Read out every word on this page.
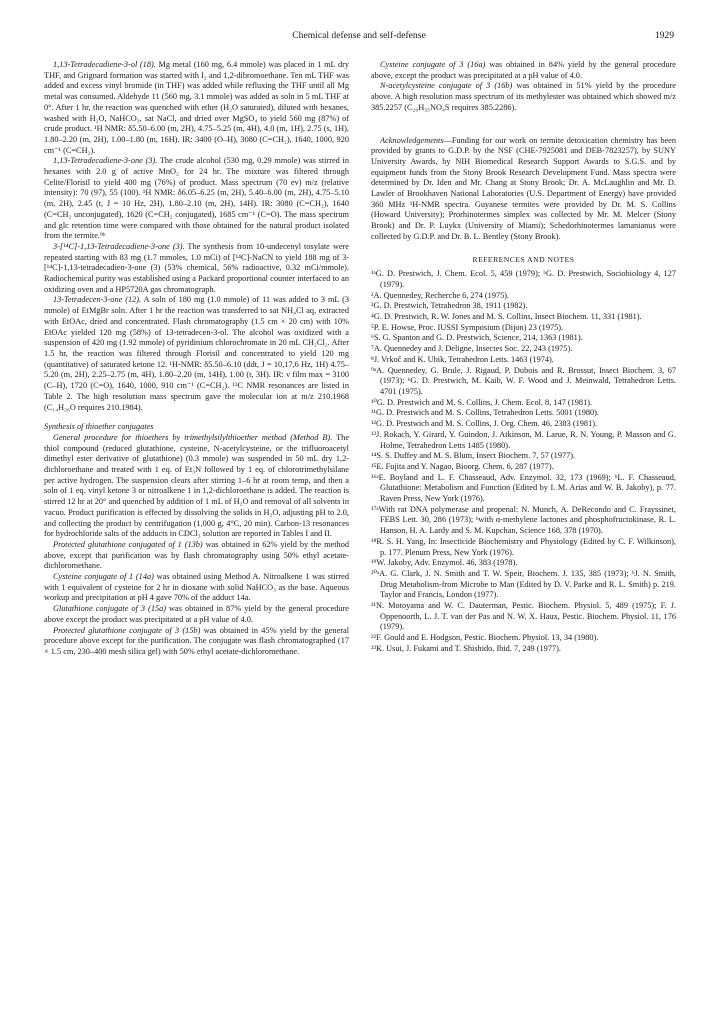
Chemical defense and self-defense	1929

1,13-Tetradecadiene-3-ol (18). Mg metal (160 mg, 6.4 mmole) was placed in 1 mL dry THF, and Grignard formation was started with I₂ and 1,2-dibromoethane. Ten mL THF was added and excess vinyl bromide (in THF) was added while refluxing the THF until all Mg metal was consumed. Aldehyde 11 (560 mg, 3.1 mmole) was added as soln in 5 mL THF at 0°. After 1 hr, the reaction was quenched with ether (H₂O saturated), diluted with hexanes, washed with H₂O, NaHCO₃, sat NaCl, and dried over MgSO₄ to yield 560 mg (87%) of crude product. ¹H NMR: δ5.50–6.00 (m, 2H), 4.75–5.25 (m, 4H), 4.0 (m, 1H), 2.75 (s, 1H), 1.80–2.20 (m, 2H), 1.00–1.80 (m, 16H). IR: 3400 (O–H), 3080 (C=CH₂), 1640, 1000, 920 cm⁻¹ (C=CH₂).

1,13-Tetradecadiene-3-one (3). The crude alcohol (530 mg, 0.29 mmole) was stirred in hexanes with 2.0 g of active MnO₂ for 24 hr. The mixture was filtered through Celite/Florisil to yield 400 mg (76%) of product. Mass spectrum (70 ev) m/z (relative intensity): 70 (97), 55 (100). ¹H NMR: δ6.05–6.25 (m, 2H), 5.40–6.00 (m, 2H), 4.75–5.10 (m, 2H), 2.45 (t, J = 10 Hz, 2H), 1.80–2.10 (m, 2H), 14H). IR: 3080 (C=CH₂), 1640 (C=CH₂ unconjugated), 1620 (C=CH₂ conjugated), 1685 cm⁻¹ (C=O). The mass spectrum and glc retention time were compared with those obtained for the natural product isolated from the termite.⁹ᵇ

3-[¹⁴C]-1,13-Tetradecadiene-3-one (3). The synthesis from 10-undecenyl tosylate were repeated starting with 83 mg (1.7 mmoles, 1.0 mCi) of [¹⁴C]-NaCN to yield 188 mg of 3-[¹⁴C]-1,13-tetradecadien-3-one (3) (53% chemical, 56% radioactive, 0.32 mCi/mmole). Radiochemical purity was established using a Packard proportional counter interfaced to an oxidizing oven and a HP5720A gas chromatograph.

13-Tetradecen-3-one (12). A soln of 180 mg (1.0 mmole) of 11 was added to 3 mL (3 mmole) of EtMgBr soln. After 1 hr the reaction was transferred to sat NH₄Cl aq, extracted with EtOAc, dried and concentrated. Flash chromatography (1.5 cm × 20 cm) with 10% EtOAc yielded 120 mg (58%) of 13-tetradecen-3-ol. The alcohol was oxidized with a suspension of 420 mg (1.92 mmole) of pyridinium chlorochromate in 20 mL CH₂Cl₂. After 1.5 hr, the reaction was filtered through Florisil and concentrated to yield 120 mg (quantitative) of saturated ketone 12. ¹H-NMR: δ5.50–6.10 (ddt, J = 10,17,6 Hz, 1H) 4.75–5.20 (m, 2H), 2.25–2.75 (m, 4H), 1.80–2.20 (m, 14H), 1.00 (t, 3H). IR: ν film max = 3100 (C–H), 1720 (C=O), 1640, 1000, 910 cm⁻¹ (C=CH₂). ¹³C NMR resonances are listed in Table 2. The high resolution mass spectrum gave the molecular ion at m/z 210.1968 (C₁₄H₂₆O requires 210.1984).

Synthesis of thioether conjugates

General procedure for thioethers by trimethylsilylthioether method (Method B). The thiol compound (reduced glutathione, cysteine, N-acetylcysteine, or the trifluoroacetyl dimethyl ester derivative of glutathione) (0.3 mmole) was suspended in 50 mL dry 1,2-dichloroethane and treated with 1 eq. of Et₃N followed by 1 eq. of chlorotrimethylsilane per active hydrogen. The suspension clears after stirring 1–6 hr at room temp, and then a soln of 1 eq. vinyl ketone 3 or nitroalkene 1 in 1,2-dichloroethane is added. The reaction is stirred 12 hr at 20° and quenched by addition of 1 mL of H₂O and removal of all solvents in vacuo. Product purification is effected by dissolving the solids in H₂O, adjusting pH to 2.0, and collecting the product by centrifugation (1,000 g, 4°C, 20 min). Carbon-13 resonances for hydrochloride salts of the adducts in CDCl₃ solution are reported in Tables I and II.

Protected glutathione conjugated of 1 (13b) was obtained in 62% yield by the method above, except that purification was by flash chromatography using 50% ethyl acetate-dichloromethane.

Cysteine conjugate of 1 (14a) was obtained using Method A. Nitroalkene 1 was stirred with 1 equivalent of cysteine for 2 hr in dioxane with solid NaHCO₃ as the base. Aqueous workup and precipitation at pH 4 gave 70% of the adduct 14a.

Glutathione conjugate of 3 (15a) was obtained in 87% yield by the general procedure above except the product was precipitated at a pH value of 4.0.

Protected glutathione conjugate of 3 (15b) was obtained in 45% yield by the general procedure above except for the purification. The conjugate was flash chromatographed (17 × 1.5 cm, 230–400 mesh silica gel) with 50% ethyl acetate-dichloromethane.

Cysteine conjugate of 3 (16a) was obtained in 84% yield by the general procedure above, except the product was precipitated at a pH value of 4.0.

N-acetylcysteine conjugate of 3 (16b) was obtained in 51% yield by the procedure above. A high resolution mass spectrum of its methylester was obtained which showed m/z 385.2257 (C₂₀H₃₅NO₄S requires 385.2286).

Acknowledgements—Funding for our work on termite detoxication chemistry has been provided by grants to G.D.P. by the NSF (CHE-7925081 and DEB-7823257), by SUNY University Awards, by NIH Biomedical Research Support Awards to S.G.S. and by equipment funds from the Stony Brook Research Development Fund. Mass spectra were determined by Dr. Iden and Mr. Chang at Stony Brook; Dr. A. McLaughlin and Mr. D. Lawler of Brookhaven National Laboratories (U.S. Department of Energy) have provided 360 MHz ¹H-NMR spectra. Guyanese termites were provided by Dr. M. S. Collins (Howard University); Prorhinotermes simplex was collected by Mr. M. Melcer (Stony Brook) and Dr. P. Luykx (University of Miami); Schedorhinotermes lamanianus were collected by G.D.P. and Dr. B. L. Bentley (Stony Brook).

REFERENCES AND NOTES

¹ᵃG. D. Prestwich, J. Chem. Ecol. 5, 459 (1979); ᵇG. D. Prestwich, Sociobiology 4, 127 (1979).

²A. Quennedey, Recherche 6, 274 (1975).

³G. D. Prestwich, Tetrahedron 38, 1911 (1982).

⁴G. D. Prestwich, R. W. Jones and M. S. Collins, Insect Biochem. 11, 331 (1981).

⁵P. E. Howse, Proc. IUSSI Symposium (Dijon) 23 (1975).

⁶S. G. Spanton and G. D. Prestwich, Science, 214, 1363 (1981).

⁷A. Quennedey and J. Deligne, Insectes Soc. 22, 243 (1975).

⁸J. Vrkoč and K. Ubik, Tetrahedron Letts. 1463 (1974).

⁹ᵃA. Quennedey, G. Brule, J. Rigaud, P. Dubois and R. Brossut, Insect Biochem. 3, 67 (1973); ᵇG. D. Prestwich, M. Kaib, W. F. Wood and J. Meinwald, Tetrahedron Letts. 4701 (1975).

¹⁰G. D. Prestwich and M. S. Collins, J. Chem. Ecol. 8, 147 (1981).

¹¹G. D. Prestwich and M. S. Collins, Tetrahedron Letts. 5001 (1980).

¹²G. D. Prestwich and M. S. Collins, J. Org. Chem. 46, 2383 (1981).

¹³J. Rokach, Y. Girard, Y. Guindon, J. Atkinson, M. Larue, R. N. Young, P. Masson and G. Holme, Tetrahedron Letts 1485 (1980).

¹⁴S. S. Duffey and M. S. Blum, Insect Biochem. 7, 57 (1977).

¹⁵E. Fujita and Y. Nagao, Bioorg. Chem. 6, 287 (1977).

¹⁶ᵃE. Boyland and L. F. Chasseaud, Adv. Enzymol. 32, 173 (1969); ᵇL. F. Chasseaud, Glutathione: Metabolism and Function (Edited by I. M. Arias and W. B. Jakoby), p. 77. Raven Press, New York (1976).

¹⁷ᵃWith rat DNA polymerase and propenal: N. Munch, A. DeRecondo and C. Frayssinet, FEBS Lett. 30, 286 (1973); ᵇwith α-methylene lactones and phosphofructokinase, R. L. Hanson, H. A. Lardy and S. M. Kupchan, Science 168, 378 (1970).

¹⁸R. S. H. Yang, In: Insecticide Biochemistry and Physiology (Edited by C. F. Wilkinson), p. 177. Plenum Press, New York (1976).

¹⁹W. Jakoby, Adv. Enzymol. 46, 383 (1978).

²⁰ᵃA. G. Clark, J. N. Smith and T. W. Speir, Biochem. J. 135, 385 (1973); ᵇJ. N. Smith, Drug Metabolism-from Microbe to Man (Edited by D. V. Parke and R. L. Smith) p. 219. Taylor and Francis, London (1977).

²¹N. Motoyama and W. C. Dauterman, Pestic. Biochem. Physiol. 5, 489 (1975); F. J. Oppenoorth, L. J. T. van der Pas and N. W. X. Haux, Pestic. Biochem. Physiol. 11, 176 (1979).

²²F. Gould and E. Hodgson, Pestic. Biochem. Physiol. 13, 34 (1980).

²³K. Usui, J. Fukami and T. Shishido, Ibid. 7, 249 (1977).
